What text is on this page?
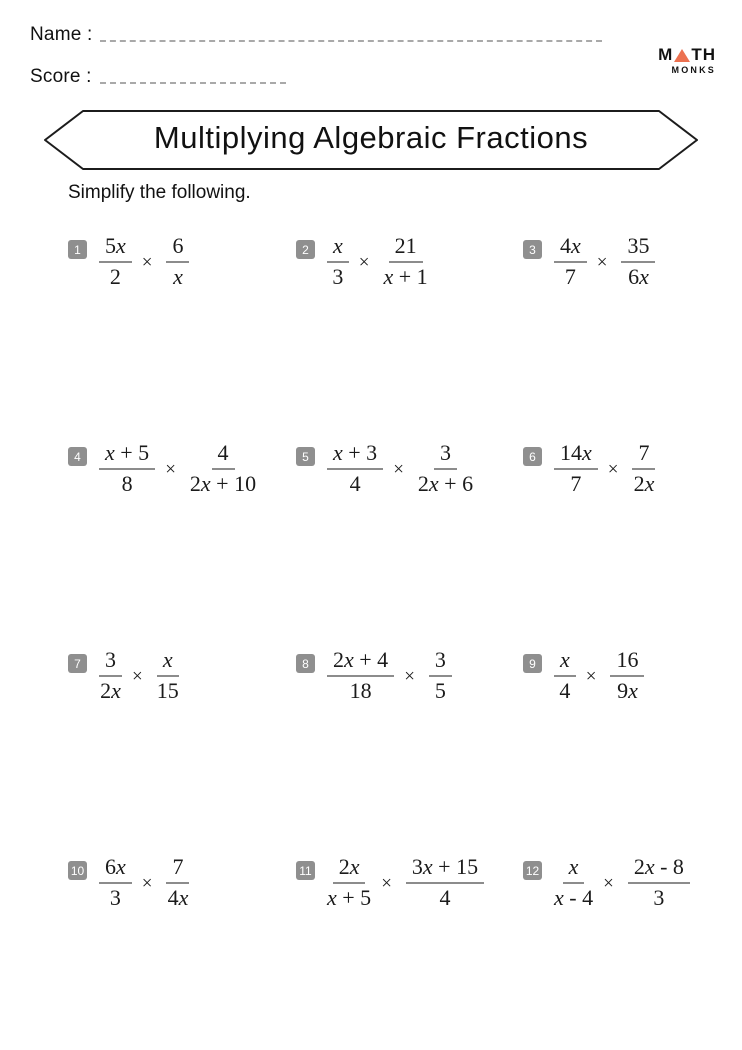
Name :
Score :
M TH
MONKS
Multiplying Algebraic Fractions
Simplify the following.
$1 \frac{5x}{2} \times \frac{6}{x}$	$2 \frac{x}{3} \times \frac{21}{x + 1}$	$3 \frac{4x}{7} \times \frac{35}{6x}$
$4 \frac{x + 5}{8} \times \frac{4}{2x + 10}$	$5 \frac{x + 3}{4} \times \frac{3}{2x + 6}$	$6 \frac{14x}{7} \times \frac{7}{2x}$
$7 \frac{3}{2x} \times \frac{x}{15}$	$8 \frac{2x + 4}{18} \times \frac{3}{5}$	$9 \frac{x}{4} \times \frac{16}{9x}$
$10 \frac{6x}{3} \times \frac{7}{4x}$	$11 \frac{2x}{x + 5} \times \frac{3x + 15}{4}$	$12 \frac{x}{x - 4} \times \frac{2x - 8}{3}$
